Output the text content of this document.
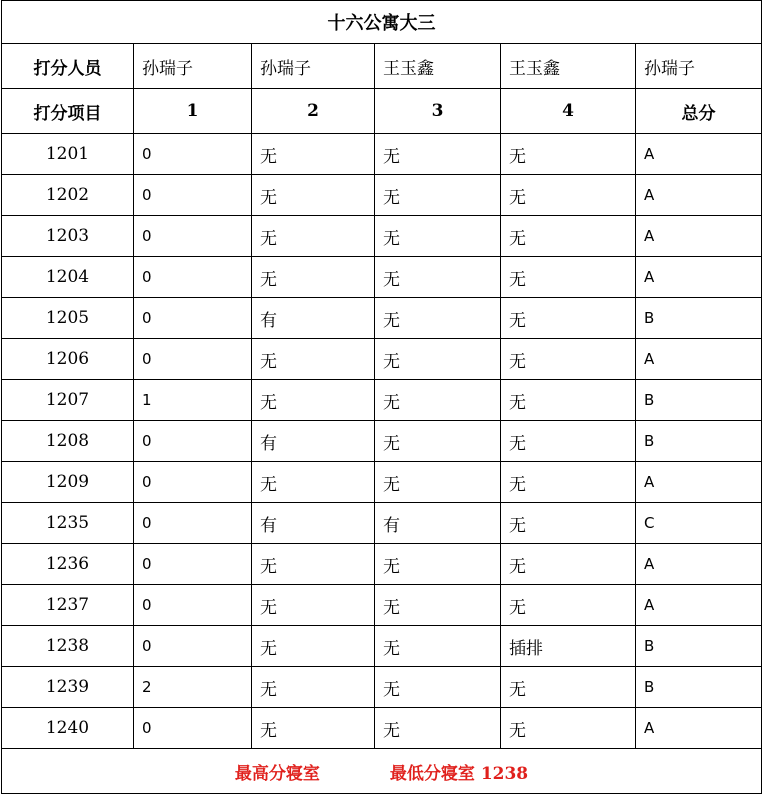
十六公寓大三					
打分人员	孙瑞子	孙瑞子	王玉鑫	王玉鑫	孙瑞子
打分项目	1	2	3	4	总分
1201	0	无	无	无	A
1202	0	无	无	无	A
1203	0	无	无	无	A
1204	0	无	无	无	A
1205	0	有	无	无	B
1206	0	无	无	无	A
1207	1	无	无	无	B
1208	0	有	无	无	B
1209	0	无	无	无	A
1235	0	有	有	无	C
1236	0	无	无	无	A
1237	0	无	无	无	A
1238	0	无	无	插排	B
1239	2	无	无	无	B
1240	0	无	无	无	A
最高分寝室 最低分寝室 1238					
